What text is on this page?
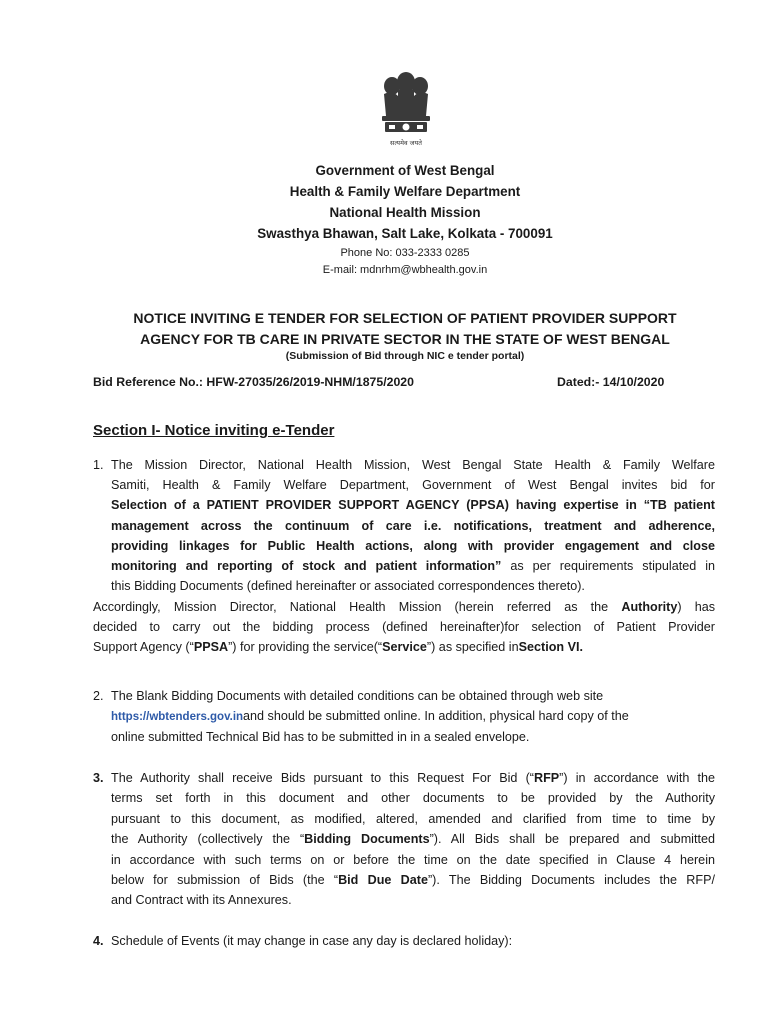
सत्यमेव जयते
Government of West Bengal
Health & Family Welfare Department
National Health Mission
Swasthya Bhawan, Salt Lake, Kolkata - 700091
Phone No: 033-2333 0285
E-mail: mdnrhm@wbhealth.gov.in
NOTICE INVITING E TENDER FOR SELECTION OF PATIENT PROVIDER SUPPORT
AGENCY FOR TB CARE IN PRIVATE SECTOR IN THE STATE OF WEST BENGAL
(Submission of Bid through NIC e tender portal)
Bid Reference No.: HFW-27035/26/2019-NHM/1875/2020	Dated:- 14/10/2020
Section I- Notice inviting e-Tender
1. The Mission Director, National Health Mission, West Bengal State Health & Family Welfare
Samiti, Health & Family Welfare Department, Government of West Bengal invites bid for
Selection of a PATIENT PROVIDER SUPPORT AGENCY (PPSA) having expertise in “TB patient
management across the continuum of care i.e. notifications, treatment and adherence,
providing linkages for Public Health actions, along with provider engagement and close
monitoring and reporting of stock and patient information” as per requirements stipulated in
this Bidding Documents (defined hereinafter or associated correspondences thereto).
Accordingly, Mission Director, National Health Mission (herein referred as the Authority) has
decided to carry out the bidding process (defined hereinafter)for selection of Patient Provider
Support Agency (“PPSA”) for providing the service(“Service”) as specified inSection VI.
2. The Blank Bidding Documents with detailed conditions can be obtained through web site
https://wbtenders.gov.inand should be submitted online. In addition, physical hard copy of the
online submitted Technical Bid has to be submitted in in a sealed envelope.
3. The Authority shall receive Bids pursuant to this Request For Bid (“RFP”) in accordance with the
terms set forth in this document and other documents to be provided by the Authority
pursuant to this document, as modified, altered, amended and clarified from time to time by
the Authority (collectively the “Bidding Documents”). All Bids shall be prepared and submitted
in accordance with such terms on or before the time on the date specified in Clause 4 herein
below for submission of Bids (the “Bid Due Date”). The Bidding Documents includes the RFP/
and Contract with its Annexures.
4. Schedule of Events (it may change in case any day is declared holiday):
